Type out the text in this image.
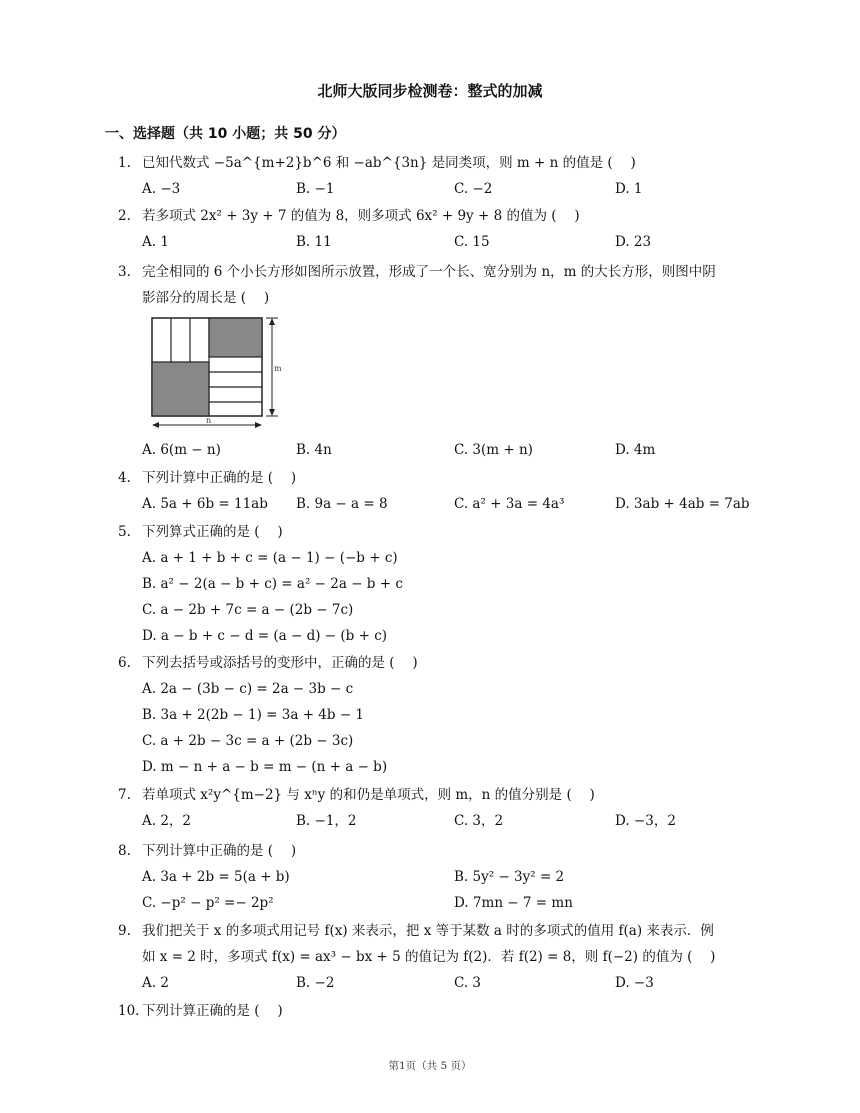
北师大版同步检测卷：整式的加减
一、选择题（共 10 小题；共 50 分）
1. 已知代数式 −5a^{m+2}b^6 和 −ab^{3n} 是同类项，则 m + n 的值是 (　 )
A. −3	B. −1	C. −2	D. 1
2. 若多项式 2x² + 3y + 7 的值为 8，则多项式 6x² + 9y + 8 的值为 (　 )
A. 1	B. 11	C. 15	D. 23
3. 完全相同的 6 个小长方形如图所示放置，形成了一个长、宽分别为 n，m 的大长方形，则图中阴
影部分的周长是 (　 )
m
n
A. 6(m − n)	B. 4n	C. 3(m + n)	D. 4m
4. 下列计算中正确的是 (　 )
A. 5a + 6b = 11ab B. 9a − a = 8	C. a² + 3a = 4a³	D. 3ab + 4ab = 7ab
5. 下列算式正确的是 (　 )
A. a + 1 + b + c = (a − 1) − (−b + c)
B. a² − 2(a − b + c) = a² − 2a − b + c
C. a − 2b + 7c = a − (2b − 7c)
D. a − b + c − d = (a − d) − (b + c)
6. 下列去括号或添括号的变形中，正确的是 (　 )
A. 2a − (3b − c) = 2a − 3b − c
B. 3a + 2(2b − 1) = 3a + 4b − 1
C. a + 2b − 3c = a + (2b − 3c)
D. m − n + a − b = m − (n + a − b)
7. 若单项式 x²y^{m−2} 与 xⁿy 的和仍是单项式，则 m，n 的值分别是 (　 )
A. 2，2	B. −1，2	C. 3，2	D. −3，2
8. 下列计算中正确的是 (　 )
A. 3a + 2b = 5(a + b)	B. 5y² − 3y² = 2
C. −p² − p² =− 2p²	D. 7mn − 7 = mn
9. 我们把关于 x 的多项式用记号 f(x) 来表示，把 x 等于某数 a 时的多项式的值用 f(a) 来表示．例
如 x = 2 时，多项式 f(x) = ax³ − bx + 5 的值记为 f(2)．若 f(2) = 8，则 f(−2) 的值为 (　 )
A. 2	B. −2	C. 3	D. −3
10. 下列计算正确的是 (　 )
第1页（共 5 页）
